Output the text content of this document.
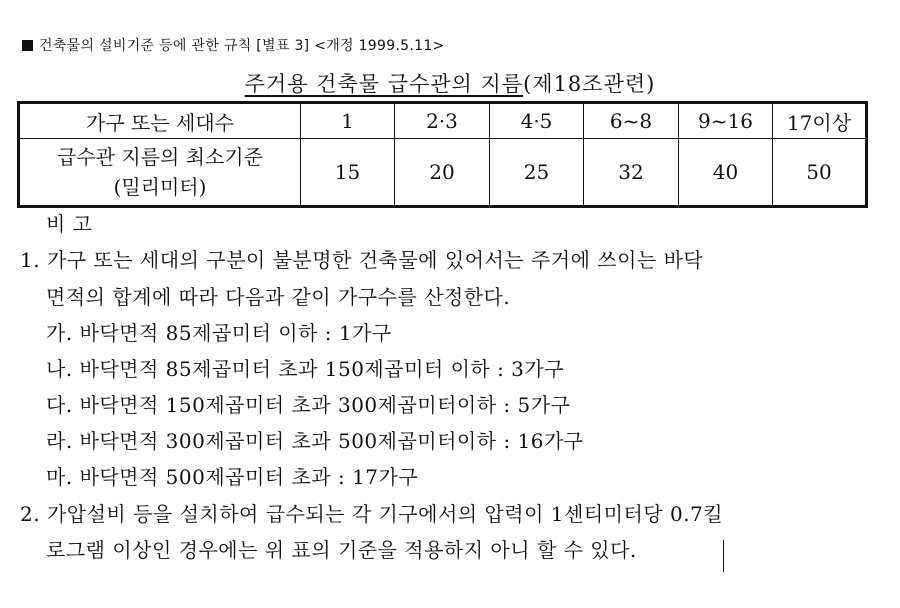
건축물의 설비기준 등에 관한 규칙 [별표 3] <개정 1999.5.11>
주거용 건축물 급수관의 지름(제18조관련)
가구 또는 세대수	1	2·3	4·5	6~8	9~16	17이상

급수관 지름의 최소기준
(밀리미터)	15	20	25	32	40	50
비 고
1. 가구 또는 세대의 구분이 불분명한 건축물에 있어서는 주거에 쓰이는 바닥
면적의 합계에 따라 다음과 같이 가구수를 산정한다.
가. 바닥면적 85제곱미터 이하 : 1가구
나. 바닥면적 85제곱미터 초과 150제곱미터 이하 : 3가구
다. 바닥면적 150제곱미터 초과 300제곱미터이하 : 5가구
라. 바닥면적 300제곱미터 초과 500제곱미터이하 : 16가구
마. 바닥면적 500제곱미터 초과 : 17가구
2. 가압설비 등을 설치하여 급수되는 각 기구에서의 압력이 1센티미터당 0.7킬
로그램 이상인 경우에는 위 표의 기준을 적용하지 아니 할 수 있다.
